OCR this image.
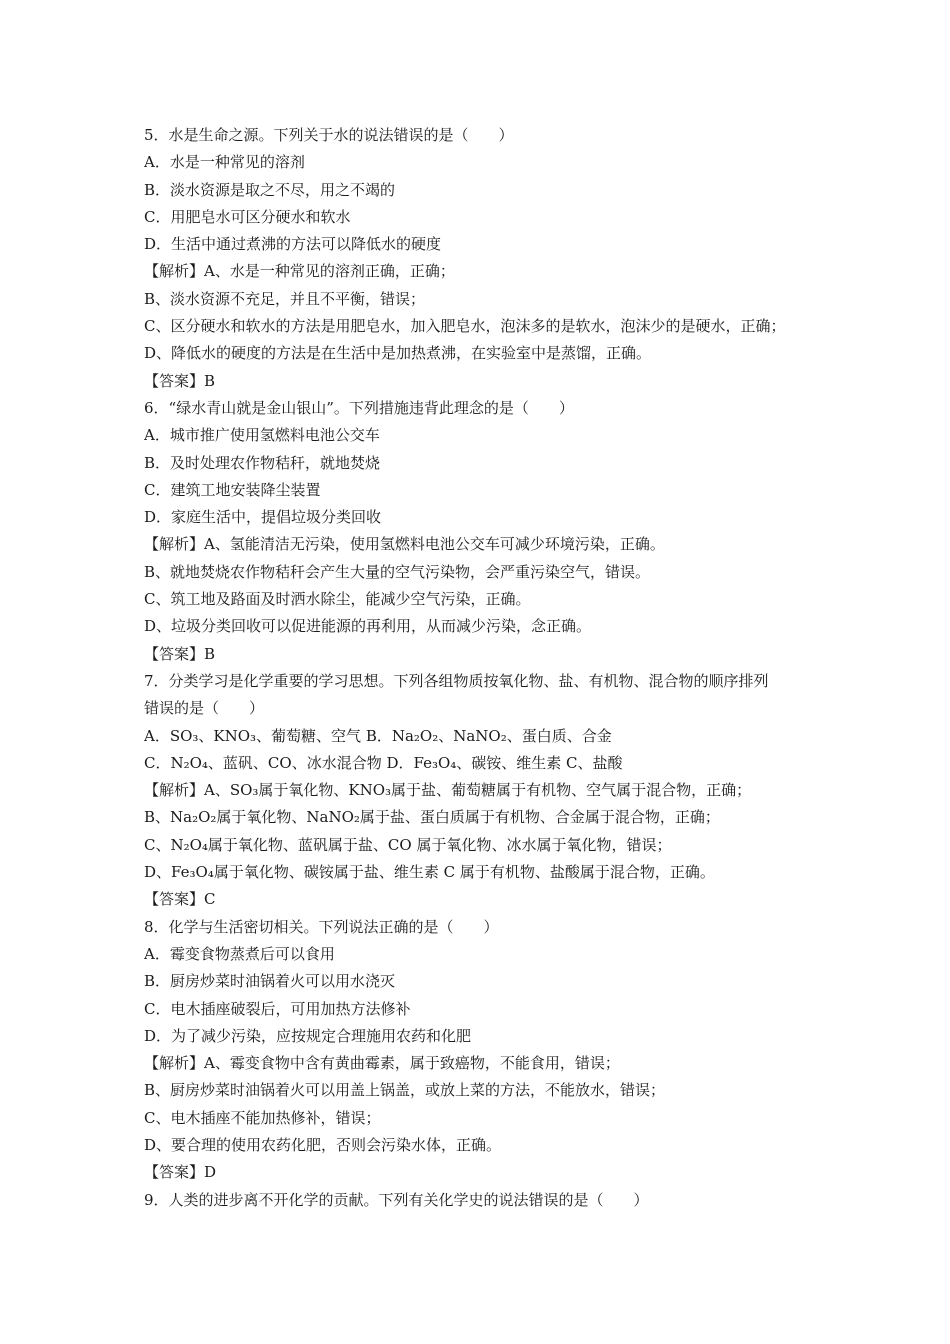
5．水是生命之源。下列关于水的说法错误的是（　　）
A．水是一种常见的溶剂
B．淡水资源是取之不尽，用之不竭的
C．用肥皂水可区分硬水和软水
D．生活中通过煮沸的方法可以降低水的硬度
【解析】A、水是一种常见的溶剂正确，正确；
B、淡水资源不充足，并且不平衡，错误；
C、区分硬水和软水的方法是用肥皂水，加入肥皂水，泡沫多的是软水，泡沫少的是硬水，正确；
D、降低水的硬度的方法是在生活中是加热煮沸，在实验室中是蒸馏，正确。
【答案】B
6．“绿水青山就是金山银山”。下列措施违背此理念的是（　　）
A．城市推广使用氢燃料电池公交车
B．及时处理农作物秸秆，就地焚烧
C．建筑工地安装降尘装置
D．家庭生活中，提倡垃圾分类回收
【解析】A、氢能清洁无污染，使用氢燃料电池公交车可减少环境污染，正确。
B、就地焚烧农作物秸秆会产生大量的空气污染物，会严重污染空气，错误。
C、筑工地及路面及时洒水除尘，能减少空气污染，正确。
D、垃圾分类回收可以促进能源的再利用，从而减少污染，念正确。
【答案】B
7．分类学习是化学重要的学习思想。下列各组物质按氧化物、盐、有机物、混合物的顺序排列
错误的是（　　）
A．SO₃、KNO₃、葡萄糖、空气 B．Na₂O₂、NaNO₂、蛋白质、合金
C．N₂O₄、蓝矾、CO、冰水混合物 D．Fe₃O₄、碳铵、维生素 C、盐酸
【解析】A、SO₃属于氧化物、KNO₃属于盐、葡萄糖属于有机物、空气属于混合物，正确；
B、Na₂O₂属于氧化物、NaNO₂属于盐、蛋白质属于有机物、合金属于混合物，正确；
C、N₂O₄属于氧化物、蓝矾属于盐、CO 属于氧化物、冰水属于氧化物，错误；
D、Fe₃O₄属于氧化物、碳铵属于盐、维生素 C 属于有机物、盐酸属于混合物，正确。
【答案】C
8．化学与生活密切相关。下列说法正确的是（　　）
A．霉变食物蒸煮后可以食用
B．厨房炒菜时油锅着火可以用水浇灭
C．电木插座破裂后，可用加热方法修补
D．为了减少污染，应按规定合理施用农药和化肥
【解析】A、霉变食物中含有黄曲霉素，属于致癌物，不能食用，错误；
B、厨房炒菜时油锅着火可以用盖上锅盖，或放上菜的方法，不能放水，错误；
C、电木插座不能加热修补，错误；
D、要合理的使用农药化肥，否则会污染水体，正确。
【答案】D
9．人类的进步离不开化学的贡献。下列有关化学史的说法错误的是（　　）
